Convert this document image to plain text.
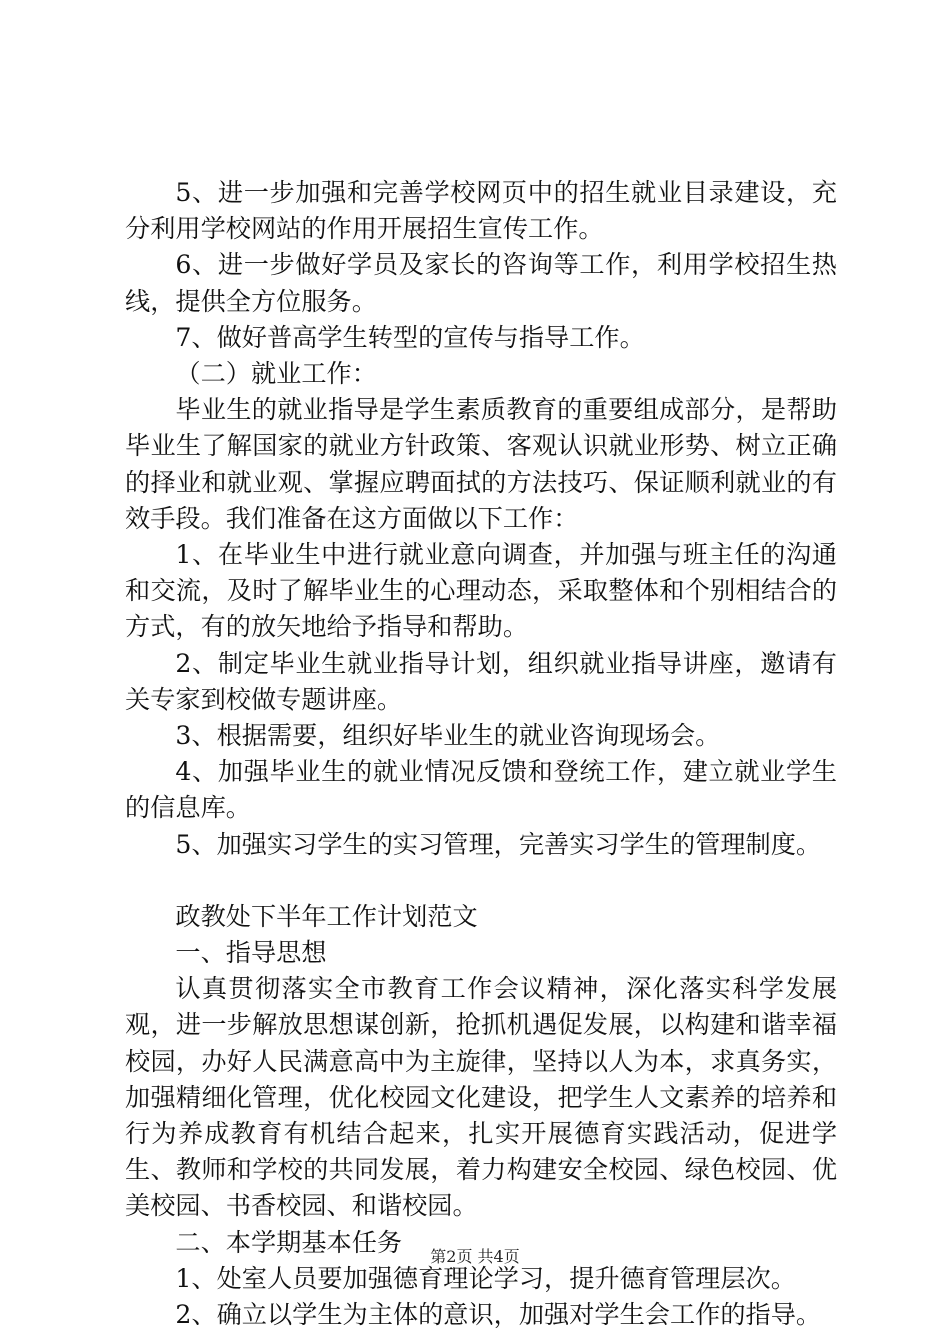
5、进一步加强和完善学校网页中的招生就业目录建设，充分利用学校网站的作用开展招生宣传工作。

6、进一步做好学员及家长的咨询等工作，利用学校招生热线，提供全方位服务。

7、做好普高学生转型的宣传与指导工作。

（二）就业工作：

毕业生的就业指导是学生素质教育的重要组成部分，是帮助毕业生了解国家的就业方针政策、客观认识就业形势、树立正确的择业和就业观、掌握应聘面拭的方法技巧、保证顺利就业的有效手段。我们准备在这方面做以下工作：

1、在毕业生中进行就业意向调查，并加强与班主任的沟通和交流，及时了解毕业生的心理动态，采取整体和个别相结合的方式，有的放矢地给予指导和帮助。

2、制定毕业生就业指导计划，组织就业指导讲座，邀请有关专家到校做专题讲座。

3、根据需要，组织好毕业生的就业咨询现场会。

4、加强毕业生的就业情况反馈和登统工作，建立就业学生的信息库。

5、加强实习学生的实习管理，完善实习学生的管理制度。

政教处下半年工作计划范文

一、指导思想

认真贯彻落实全市教育工作会议精神，深化落实科学发展观，进一步解放思想谋创新，抢抓机遇促发展，以构建和谐幸福校园，办好人民满意高中为主旋律，坚持以人为本，求真务实，加强精细化管理，优化校园文化建设，把学生人文素养的培养和行为养成教育有机结合起来，扎实开展德育实践活动，促进学生、教师和学校的共同发展，着力构建安全校园、绿色校园、优美校园、书香校园、和谐校园。

二、本学期基本任务

1、处室人员要加强德育理论学习，提升德育管理层次。

2、确立以学生为主体的意识，加强对学生会工作的指导。

第2页 共4页
